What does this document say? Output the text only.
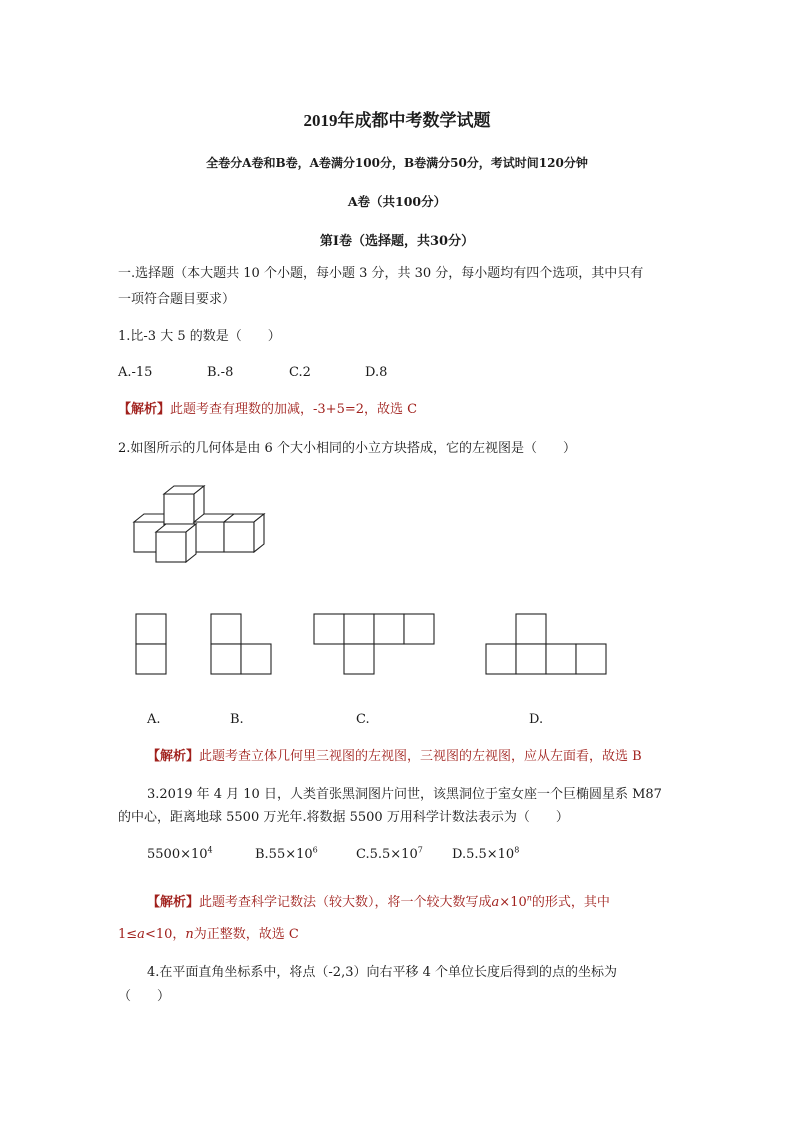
2019年成都中考数学试题
全卷分A卷和B卷，A卷满分100分，B卷满分50分，考试时间120分钟
A卷（共100分）
第Ⅰ卷（选择题，共30分）
一.选择题（本大题共 10 个小题，每小题 3 分，共 30 分，每小题均有四个选项，其中只有
一项符合题目要求）
1.比-3 大 5 的数是（　　）
A.-15	B.-8	C.2	D.8
【解析】此题考查有理数的加减，-3+5=2，故选 C
2.如图所示的几何体是由 6 个大小相同的小立方块搭成，它的左视图是（　　）
A.	B.	C.	D.
【解析】此题考查立体几何里三视图的左视图，三视图的左视图，应从左面看，故选 B
3.2019 年 4 月 10 日，人类首张黑洞图片问世，该黑洞位于室女座一个巨椭圆星系 M87
的中心，距离地球 5500 万光年.将数据 5500 万用科学计数法表示为（　　）
$5500\times 10^4$	$B.55\times 10^6$	$C.5.5\times 10^7$ $D.5.5\times 10^8$
【解析】此题考查科学记数法（较大数），将一个较大数写成$a\times 10^n$的形式，其中
1≤a<10，n为正整数，故选 C
4.在平面直角坐标系中，将点（-2,3）向右平移 4 个单位长度后得到的点的坐标为
（　　）
